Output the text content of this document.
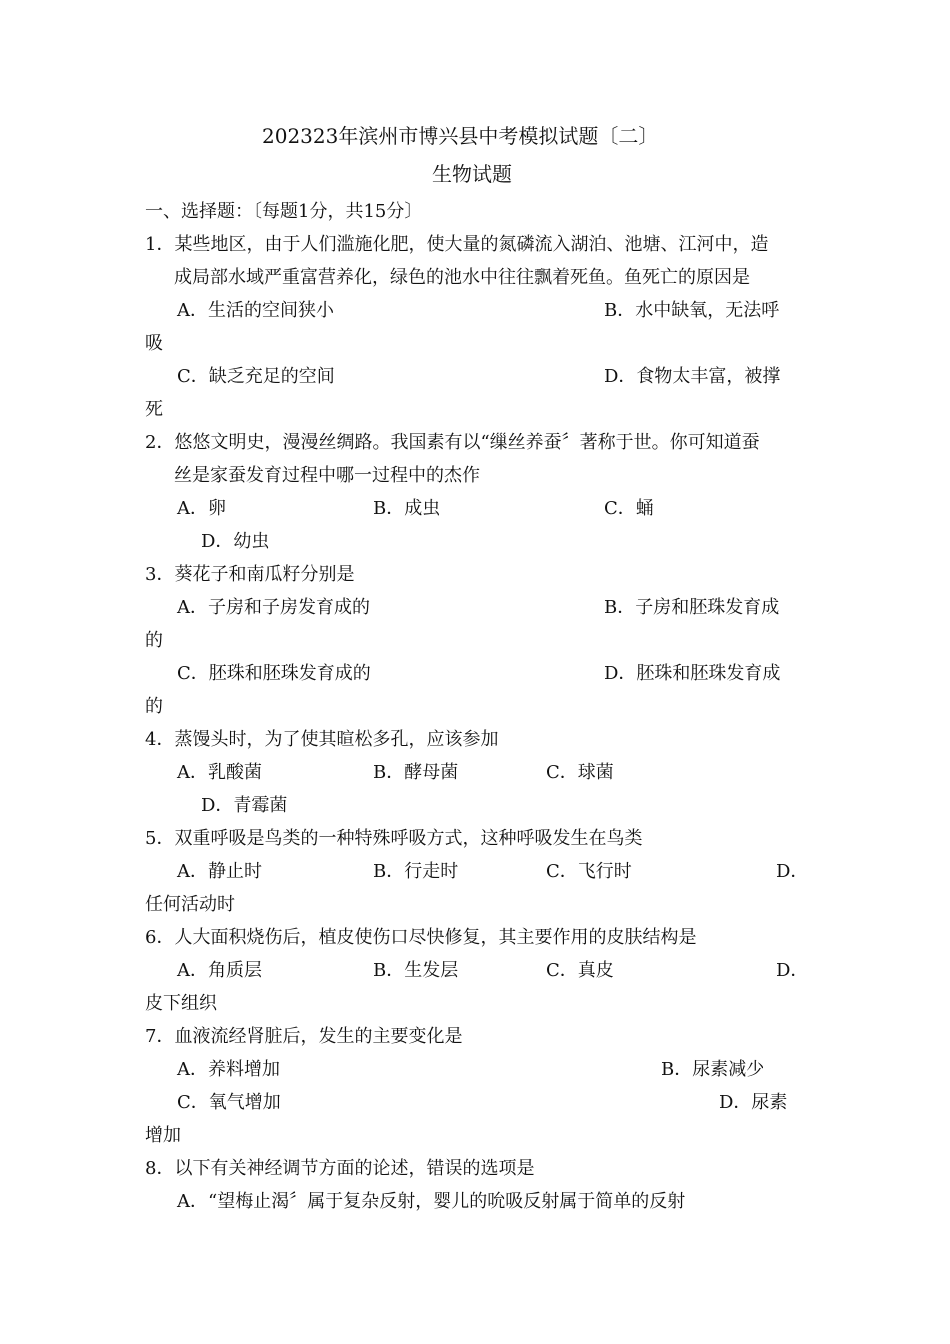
202323年滨州市博兴县中考模拟试题〔二〕
生物试题
一、选择题：〔每题1分，共15分〕
1．某些地区，由于人们滥施化肥，使大量的氮磷流入湖泊、池塘、江河中，造
成局部水域严重富营养化，绿色的池水中往往飘着死鱼。鱼死亡的原因是
A．生活的空间狭小	B．水中缺氧，无法呼
吸
C．缺乏充足的空间	D．食物太丰富，被撑
死
2．悠悠文明史，漫漫丝绸路。我国素有以“缫丝养蚕〞著称于世。你可知道蚕
丝是家蚕发育过程中哪一过程中的杰作
A．卵	B．成虫	C．蛹
D．幼虫
3．葵花子和南瓜籽分别是
A．子房和子房发育成的	B．子房和胚珠发育成
的
C．胚珠和胚珠发育成的	D．胚珠和胚珠发育成
的
4．蒸馒头时，为了使其暄松多孔，应该参加
A．乳酸菌	B．酵母菌	C．球菌
D．青霉菌
5．双重呼吸是鸟类的一种特殊呼吸方式，这种呼吸发生在鸟类
A．静止时	B．行走时	C．飞行时	D．
任何活动时
6．人大面积烧伤后，植皮使伤口尽快修复，其主要作用的皮肤结构是
A．角质层	B．生发层	C．真皮	D．
皮下组织
7．血液流经肾脏后，发生的主要变化是
A．养料增加	B．尿素减少
C．氧气增加	D．尿素
增加
8．以下有关神经调节方面的论述，错误的选项是
A．“望梅止渴〞属于复杂反射，婴儿的吮吸反射属于简单的反射
